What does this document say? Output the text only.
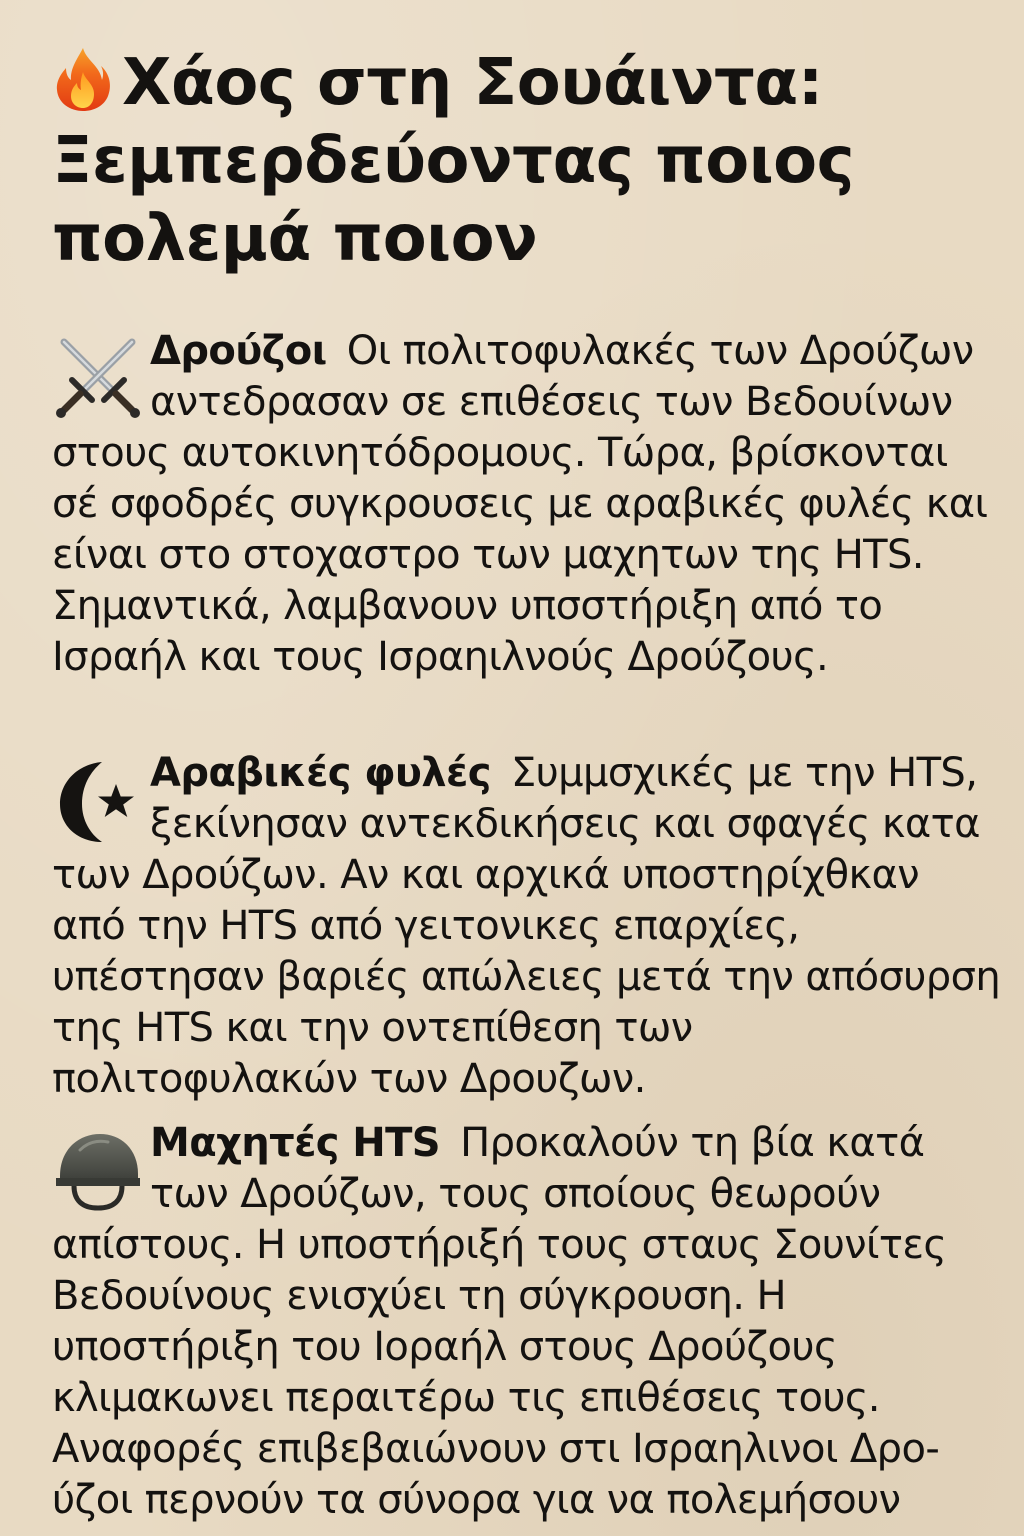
Χάος στη Σουάιντα: Ξεμπερδεύοντας ποιος πολεμά ποιον

Δρούζοι Οι πολιτοφυλακές των Δρούζων αντεδρασαν σε επιθέσεις των Βεδουίνων στους αυτοκινητόδρομους. Τώρα, βρίσκονται σέ σφοδρές συγκρουσεις με αραβικές φυλές και είναι στο στοχαστρο των μαχητων της HTS. Σημαντικά, λαμβανουν υπσστήριξη από το Ισραήλ και τους Ισραηιλνούς Δρούζους.

Αραβικές φυλές Συμμσχικές με την HTS, ξεκίνησαν αντεκδικήσεις και σφαγές κατα των Δρούζων. Αν και αρχικά υποστηρίχθκαν από την HTS από γειτονικες επαρχίες, υπέστησαν βαριές απώλειες μετά την απόσυρση της HTS και την οντεπίθεση των πολιτοφυλακών των Δρουζων.

Μαχητές HTS Προκαλούν τη βία κατά των Δρούζων, τους σποίους θεωρούν απίστους. Η υποστήριξή τους σταυς Σουνίτες Βεδουίνους ενισχύει τη σύγκρουση. Η υποστήριξη του Ιοραήλ στους Δρούζους κλιμακωνει περαιτέρω τις επιθέσεις τους. Αναφορές επιβεβαιώνουν στι Ισραηλινοι Δρούζοι περνούν τα σύνορα για να πολεμήσουν
